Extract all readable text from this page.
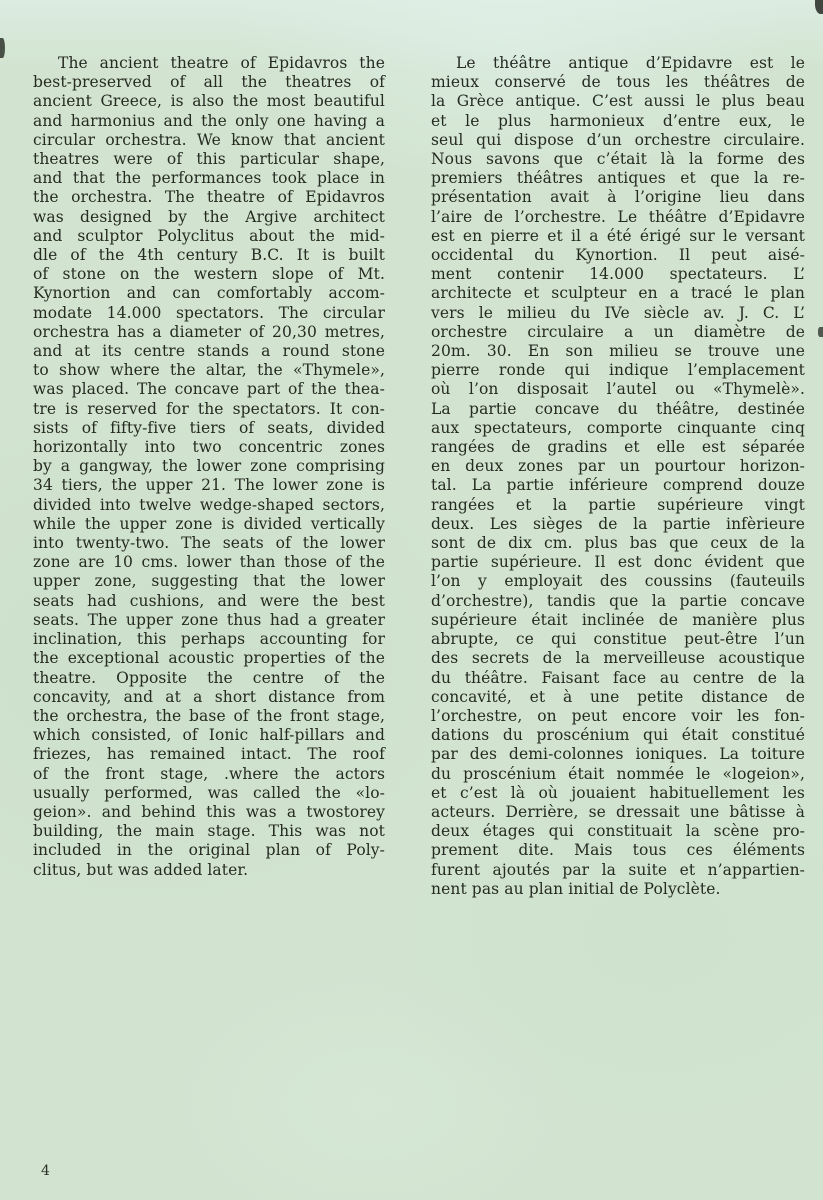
The ancient theatre of Epidavros the
best-preserved of all the theatres of
ancient Greece, is also the most beautiful
and harmonius and the only one having a
circular orchestra. We know that ancient
theatres were of this particular shape,
and that the performances took place in
the orchestra. The theatre of Epidavros
was designed by the Argive architect
and sculptor Polyclitus about the mid-
dle of the 4th century B.C. It is built
of stone on the western slope of Mt.
Kynortion and can comfortably accom-
modate 14.000 spectators. The circular
orchestra has a diameter of 20,30 metres,
and at its centre stands a round stone
to show where the altar, the «Thymele»,
was placed. The concave part of the thea-
tre is reserved for the spectators. It con-
sists of fifty-five tiers of seats, divided
horizontally into two concentric zones
by a gangway, the lower zone comprising
34 tiers, the upper 21. The lower zone is
divided into twelve wedge-shaped sectors,
while the upper zone is divided vertically
into twenty-two. The seats of the lower
zone are 10 cms. lower than those of the
upper zone, suggesting that the lower
seats had cushions, and were the best
seats. The upper zone thus had a greater
inclination, this perhaps accounting for
the exceptional acoustic properties of the
theatre. Opposite the centre of the
concavity, and at a short distance from
the orchestra, the base of the front stage,
which consisted, of Ionic half-pillars and
friezes, has remained intact. The roof
of the front stage, .where the actors
usually performed, was called the «lo-
geion». and behind this was a twostorey
building, the main stage. This was not
included in the original plan of Poly-
clitus, but was added later.
Le théâtre antique d’Epidavre est le
mieux conservé de tous les théâtres de
la Grèce antique. C’est aussi le plus beau
et le plus harmonieux d’entre eux, le
seul qui dispose d’un orchestre circulaire.
Nous savons que c’était là la forme des
premiers théâtres antiques et que la re-
présentation avait à l’origine lieu dans
l’aire de l’orchestre. Le théâtre d’Epidavre
est en pierre et il a été érigé sur le versant
occidental du Kynortion. Il peut aisé-
ment contenir 14.000 spectateurs. L’
architecte et sculpteur en a tracé le plan
vers le milieu du IVe siècle av. J. C. L’
orchestre circulaire a un diamètre de
20m. 30. En son milieu se trouve une
pierre ronde qui indique l’emplacement
où l’on disposait l’autel ou «Thymelè».
La partie concave du théâtre, destinée
aux spectateurs, comporte cinquante cinq
rangées de gradins et elle est séparée
en deux zones par un pourtour horizon-
tal. La partie inférieure comprend douze
rangées et la partie supérieure vingt
deux. Les sièges de la partie infèrieure
sont de dix cm. plus bas que ceux de la
partie supérieure. Il est donc évident que
l’on y employait des coussins (fauteuils
d’orchestre), tandis que la partie concave
supérieure était inclinée de manière plus
abrupte, ce qui constitue peut-être l’un
des secrets de la merveilleuse acoustique
du théâtre. Faisant face au centre de la
concavité, et à une petite distance de
l’orchestre, on peut encore voir les fon-
dations du proscénium qui était constitué
par des demi-colonnes ioniques. La toiture
du proscénium était nommée le «logeion»,
et c’est là où jouaient habituellement les
acteurs. Derrière, se dressait une bâtisse à
deux étages qui constituait la scène pro-
prement dite. Mais tous ces éléments
furent ajoutés par la suite et n’appartien-
nent pas au plan initial de Polyclète.
4
